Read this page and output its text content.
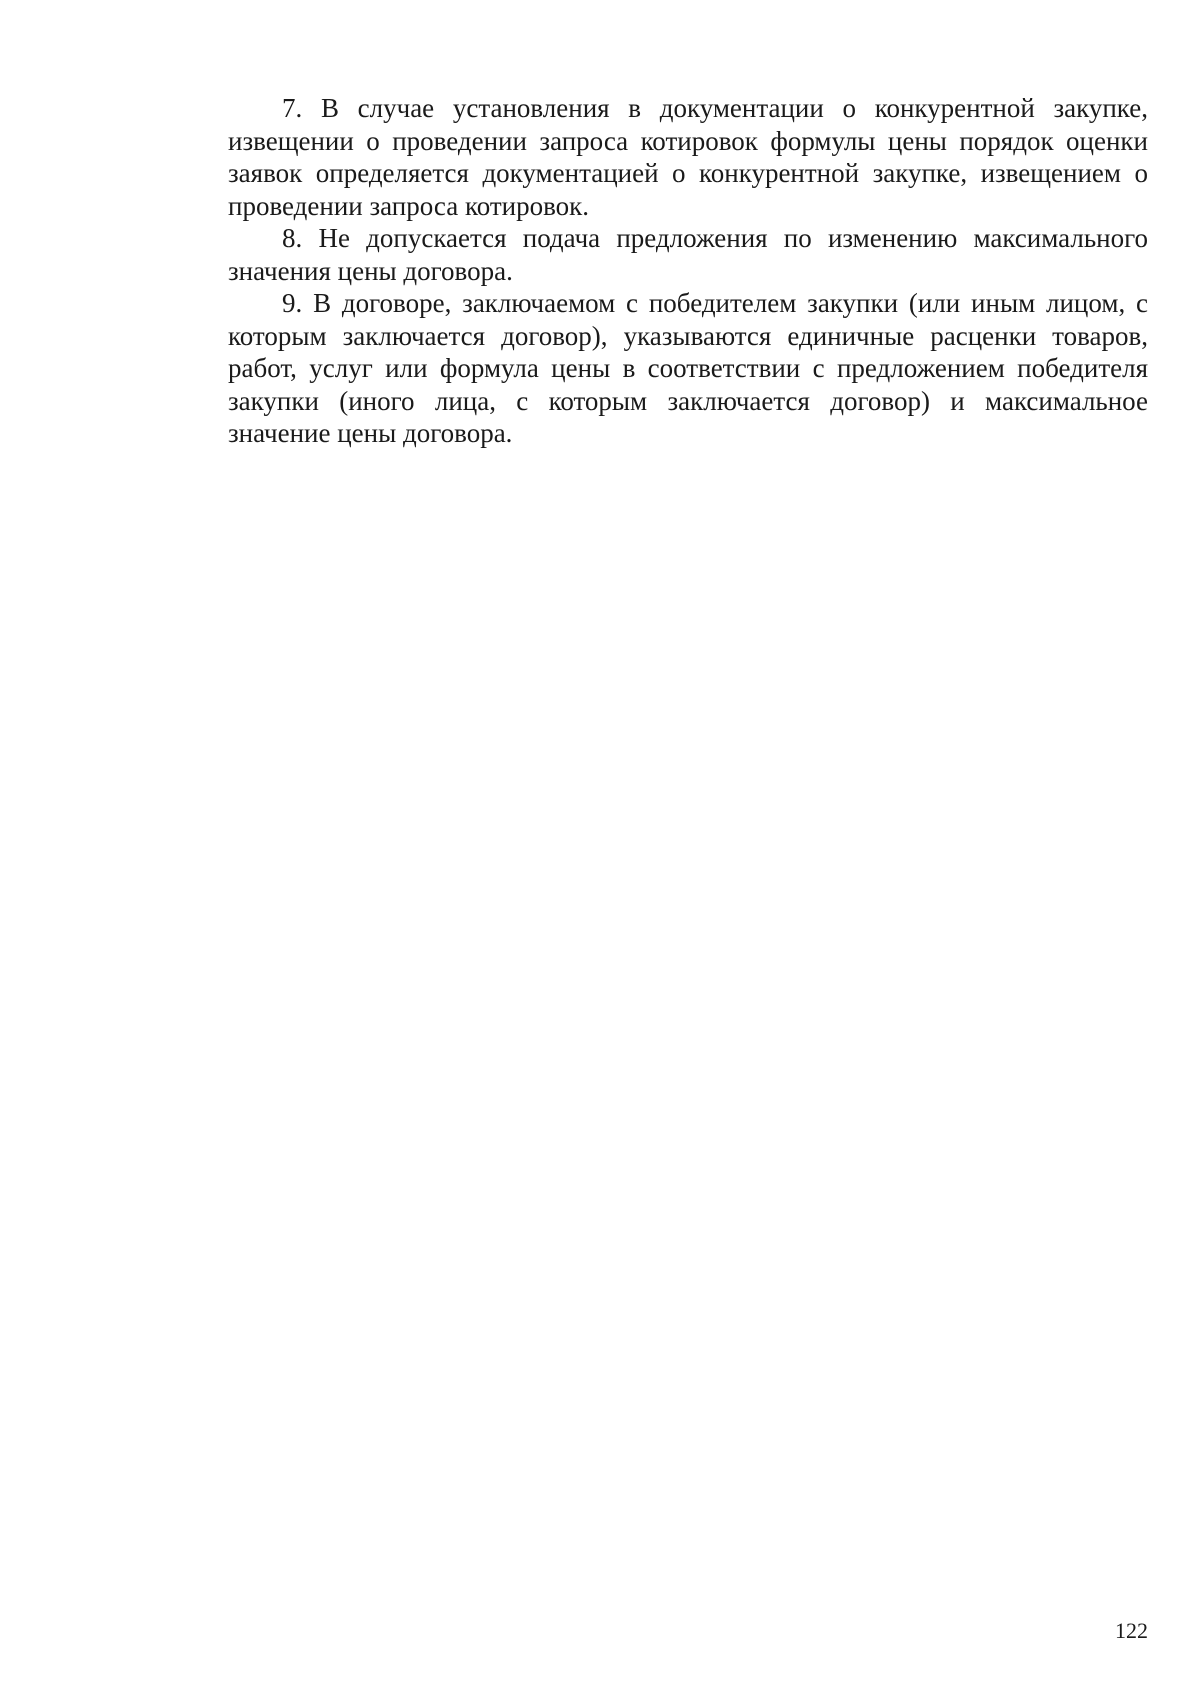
7. В случае установления в документации о конкурентной закупке, извещении о проведении запроса котировок формулы цены порядок оценки заявок определяется документацией о конкурентной закупке, извещением о проведении запроса котировок.

8. Не допускается подача предложения по изменению максимального значения цены договора.

9. В договоре, заключаемом с победителем закупки (или иным лицом, с которым заключается договор), указываются единичные расценки товаров, работ, услуг или формула цены в соответствии с предложением победителя закупки (иного лица, с которым заключается договор) и максимальное значение цены договора.

122
